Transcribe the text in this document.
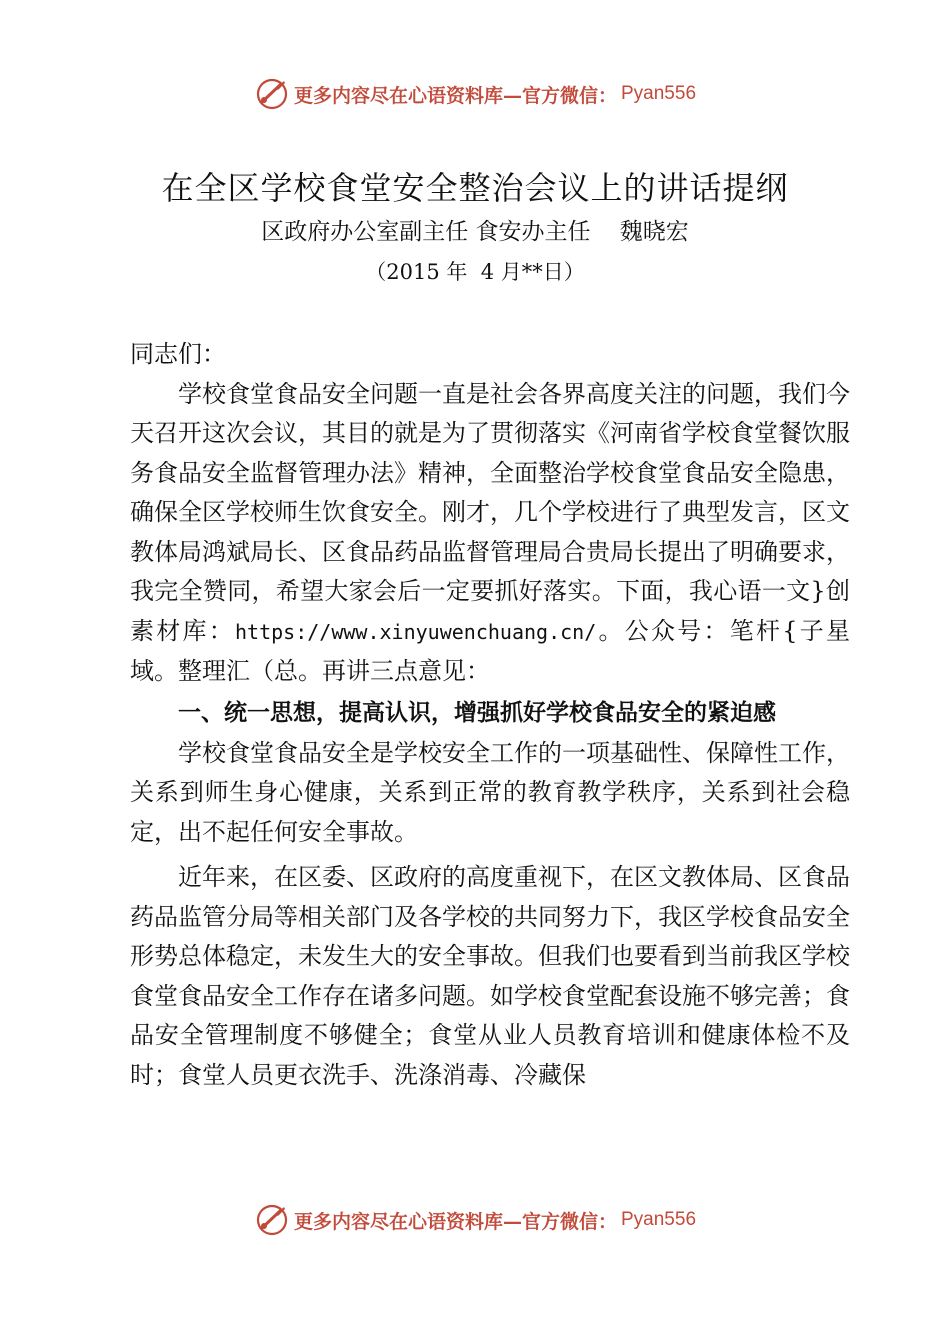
更多内容尽在心语资料库—官方微信： Pyan556
在全区学校食堂安全整治会议上的讲话提纲
区政府办公室副主任 食安办主任    魏晓宏
（2015 年  4 月**日）

同志们：

学校食堂食品安全问题一直是社会各界高度关注的问题，我们今天召开这次会议，其目的就是为了贯彻落实《河南省学校食堂餐饮服务食品安全监督管理办法》精神，全面整治学校食堂食品安全隐患，确保全区学校师生饮食安全。刚才，几个学校进行了典型发言，区文教体局鸿斌局长、区食品药品监督管理局合贵局长提出了明确要求，我完全赞同，希望大家会后一定要抓好落实。下面，我心语一文}创素材库：https://www.xinyuwenchuang.cn/。公众号：笔杆{子星域。整理汇（总。再讲三点意见：

一、统一思想，提高认识，增强抓好学校食品安全的紧迫感

学校食堂食品安全是学校安全工作的一项基础性、保障性工作，关系到师生身心健康，关系到正常的教育教学秩序，关系到社会稳定，出不起任何安全事故。

近年来，在区委、区政府的高度重视下，在区文教体局、区食品药品监管分局等相关部门及各学校的共同努力下，我区学校食品安全形势总体稳定，未发生大的安全事故。但我们也要看到当前我区学校食堂食品安全工作存在诸多问题。如学校食堂配套设施不够完善；食品安全管理制度不够健全；食堂从业人员教育培训和健康体检不及时；食堂人员更衣洗手、洗涤消毒、冷藏保

更多内容尽在心语资料库—官方微信： Pyan556
